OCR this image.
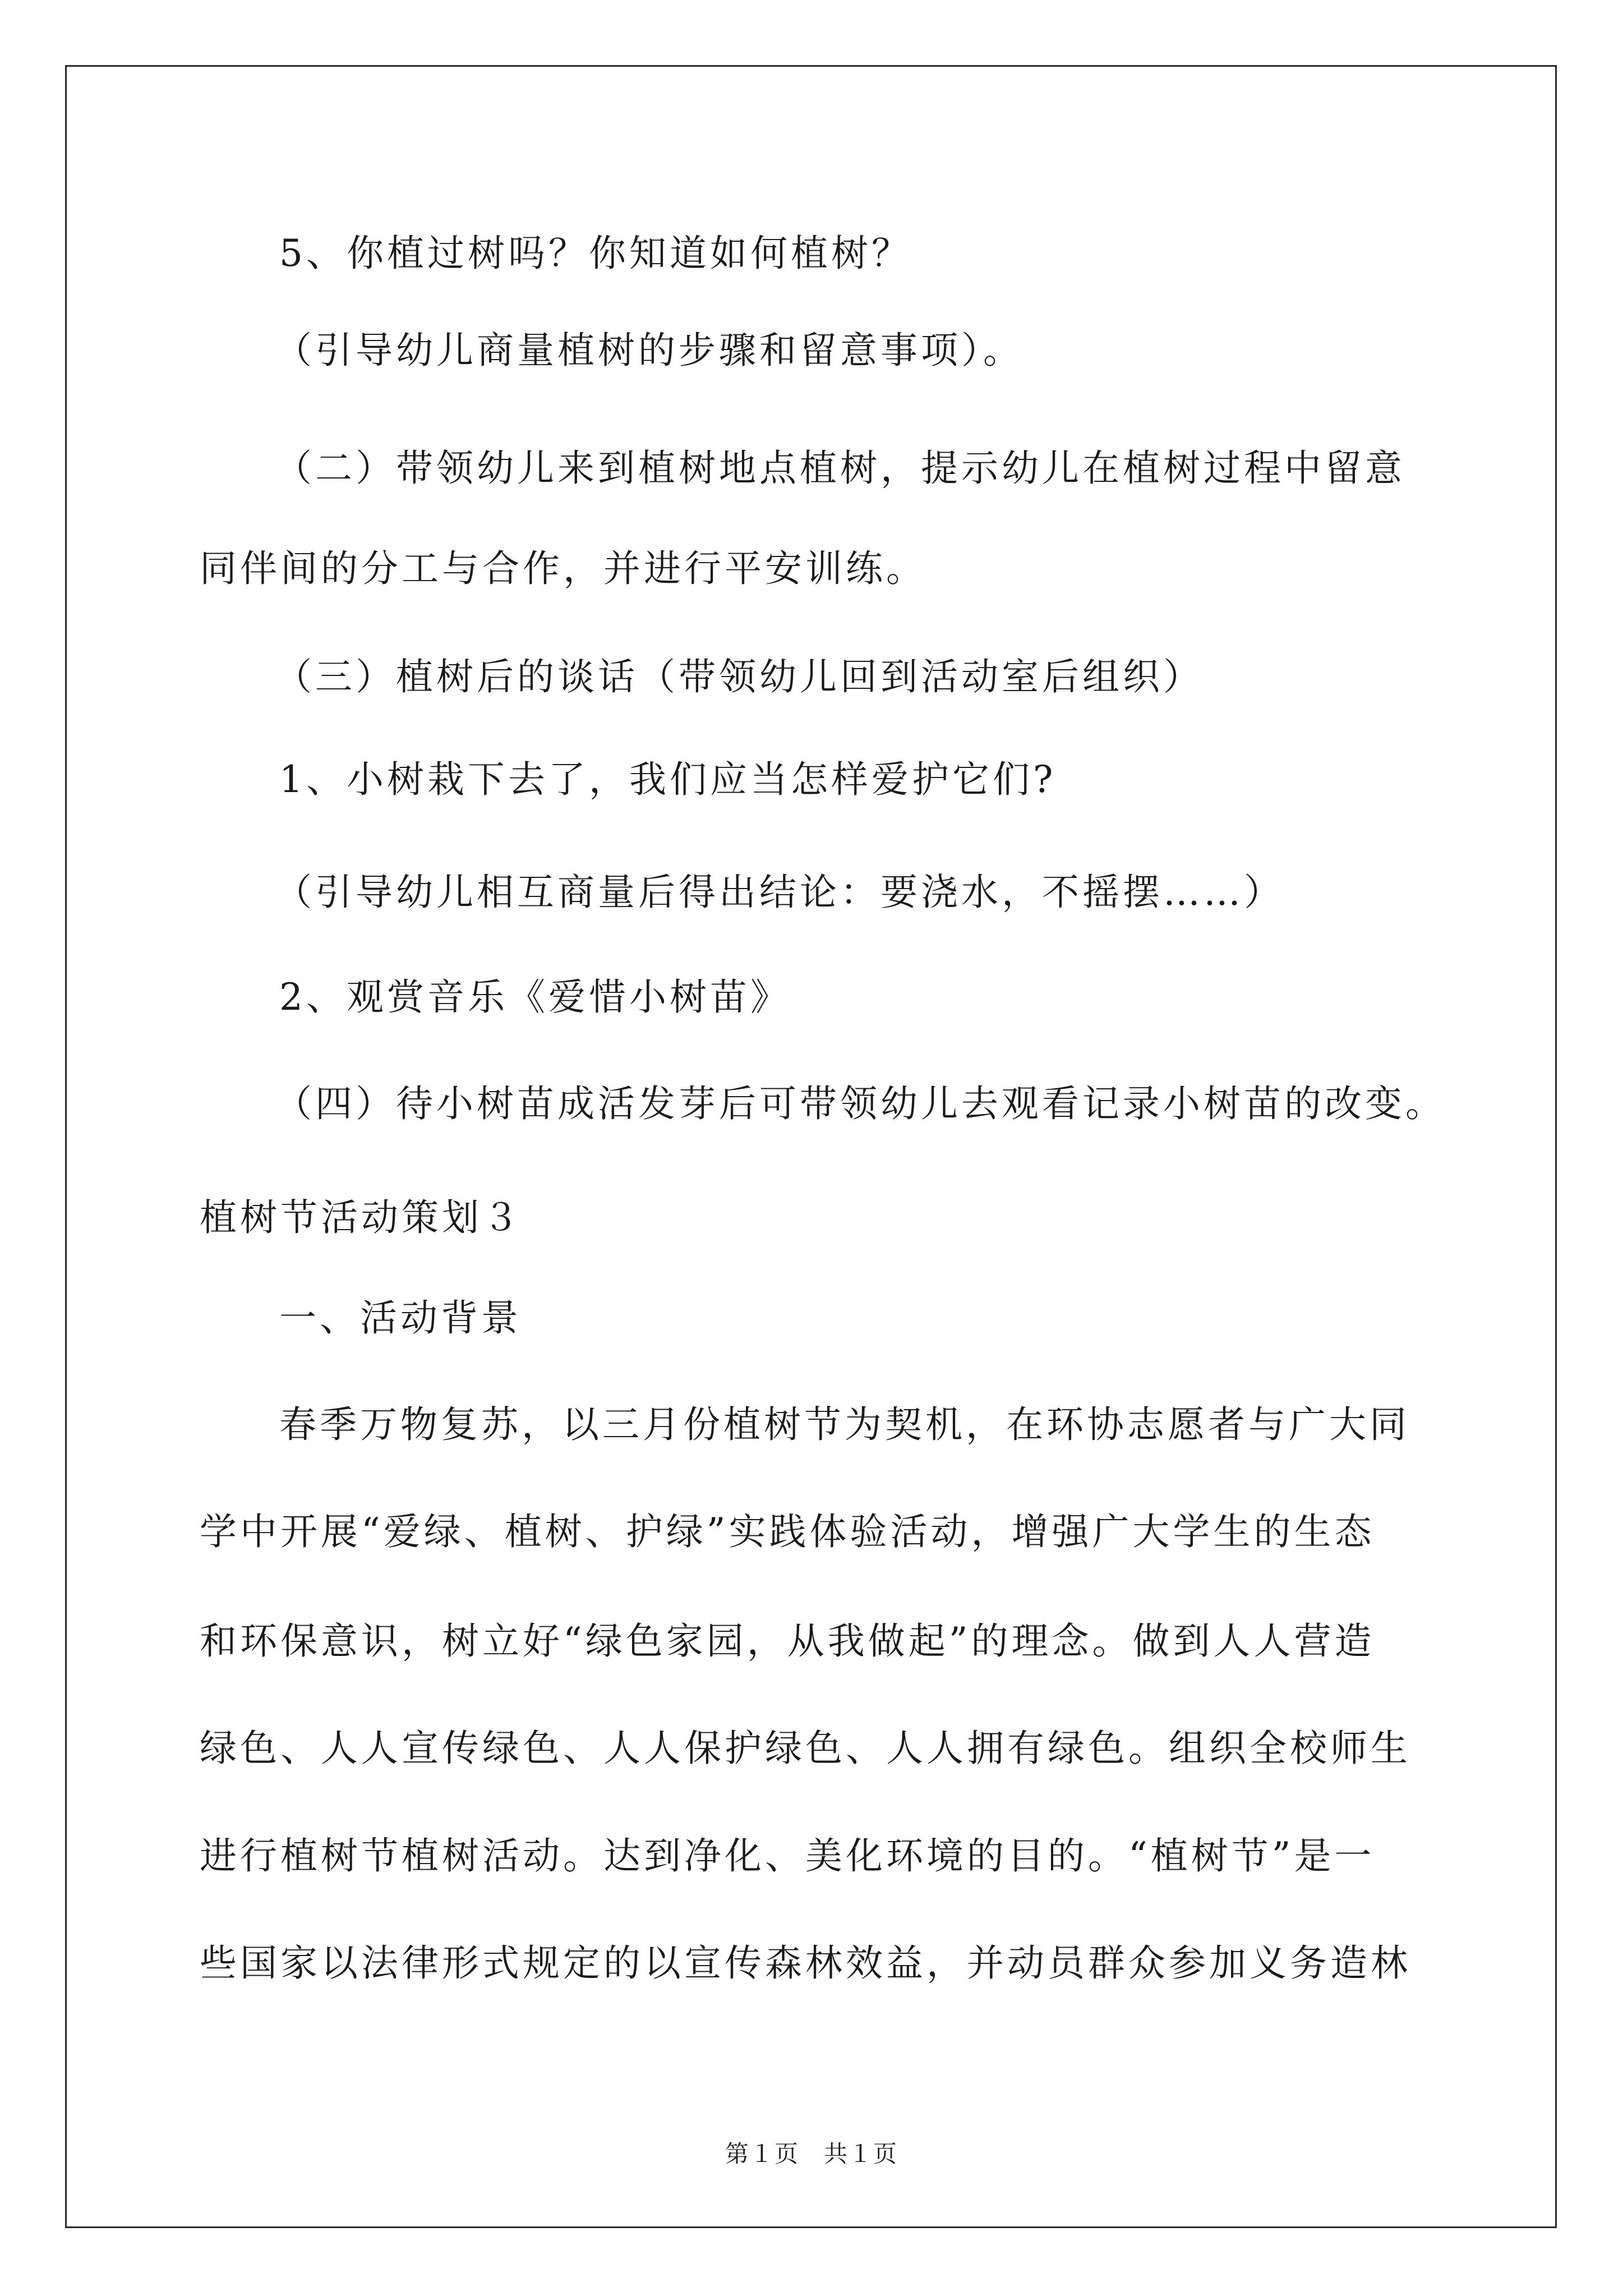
5、你植过树吗？你知道如何植树？

（引导幼儿商量植树的步骤和留意事项）。

（二）带领幼儿来到植树地点植树，提示幼儿在植树过程中留意

同伴间的分工与合作，并进行平安训练。

（三）植树后的谈话（带领幼儿回到活动室后组织）

1、小树栽下去了，我们应当怎样爱护它们?

（引导幼儿相互商量后得出结论：要浇水，不摇摆……）

2、观赏音乐《爱惜小树苗》

（四）待小树苗成活发芽后可带领幼儿去观看记录小树苗的改变。

植树节活动策划３

一、活动背景

春季万物复苏，以三月份植树节为契机，在环协志愿者与广大同

学中开展“爱绿、植树、护绿”实践体验活动，增强广大学生的生态

和环保意识，树立好“绿色家园，从我做起”的理念。做到人人营造

绿色、人人宣传绿色、人人保护绿色、人人拥有绿色。组织全校师生

进行植树节植树活动。达到净化、美化环境的目的。“植树节”是一

些国家以法律形式规定的以宣传森林效益，并动员群众参加义务造林

第１页　共１页
